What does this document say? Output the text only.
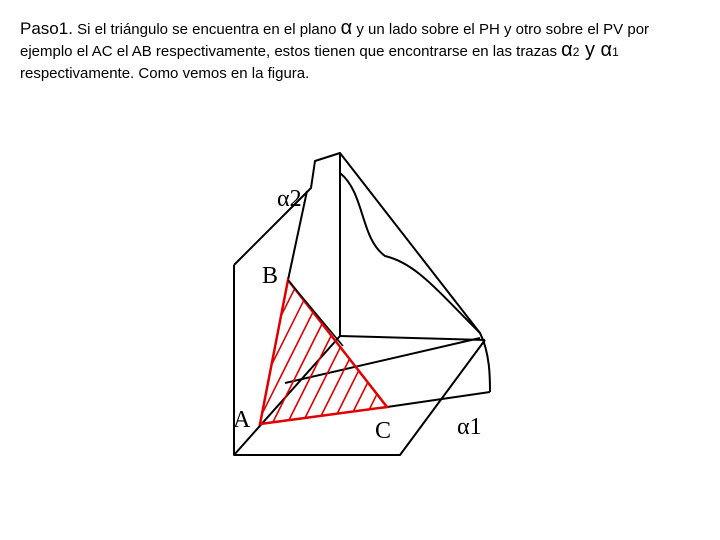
Paso1. Si el triángulo se encuentra en el plano α y un lado sobre el PH y otro sobre el PV por
ejemplo el AC el AB respectivamente, estos tienen que encontrarse en las trazas α2 y α1
respectivamente. Como vemos en la figura.
α2
B
A	C	α1
